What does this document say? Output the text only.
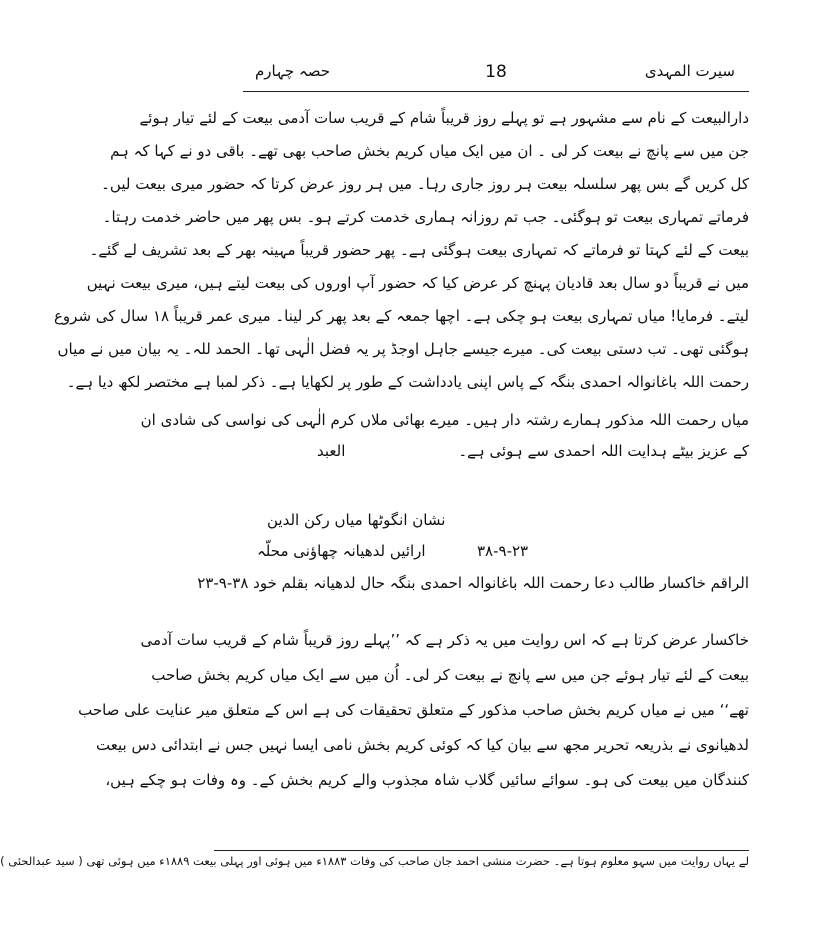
سیرت المہدی
18
حصہ چہارم
دارالبیعت کے نام سے مشہور ہے تو پہلے روز قریباً شام کے قریب سات آدمی بیعت کے لئے تیار ہوئے
جن میں سے پانچ نے بیعت کر لی ۔ ان میں ایک میاں کریم بخش صاحب بھی تھے۔ باقی دو نے کہا کہ ہم
کل کریں گے بس پھر سلسلہ بیعت ہر روز جاری رہا۔ میں ہر روز عرض کرتا کہ حضور میری بیعت لیں۔
فرماتے تمہاری بیعت تو ہوگئی۔ جب تم روزانہ ہماری خدمت کرتے ہو۔ بس پھر میں حاضر خدمت رہتا۔
بیعت کے لئے کہتا تو فرماتے کہ تمہاری بیعت ہوگئی ہے۔ پھر حضور قریباً مہینہ بھر کے بعد تشریف لے گئے۔
میں نے قریباً دو سال بعد قادیان پہنچ کر عرض کیا کہ حضور آپ اوروں کی بیعت لیتے ہیں، میری بیعت نہیں
لیتے۔ فرمایا! میاں تمہاری بیعت ہو چکی ہے۔ اچھا جمعہ کے بعد پھر کر لینا۔ میری عمر قریباً ۱۸ سال کی شروع
ہوگئی تھی۔ تب دستی بیعت کی۔ میرے جیسے جاہل اوجڈ پر یہ فضل الٰہی تھا۔ الحمد للہ۔ یہ بیان میں نے میاں
رحمت اللہ باغانوالہ احمدی بنگہ کے پاس اپنی یادداشت کے طور پر لکھایا ہے۔ ذکر لمبا ہے مختصر لکھ دیا ہے۔
میاں رحمت اللہ مذکور ہمارے رشتہ دار ہیں۔ میرے بھائی ملاں کرم الٰہی کی نواسی کی شادی ان
کے عزیز بیٹے ہدایت اللہ احمدی سے ہوئی ہے۔
العبد
نشان انگوٹھا میاں رکن الدین
ارائیں لدھیانہ چھاؤنی محلّہ	۳۸-۹-۲۳
الراقم خاکسار طالب دعا رحمت اللہ باغانوالہ احمدی بنگہ حال لدھیانہ بقلم خود ۳۸-۹-۲۳
خاکسار عرض کرتا ہے کہ اس روایت میں یہ ذکر ہے کہ ’’پہلے روز قریباً شام کے قریب سات آدمی
بیعت کے لئے تیار ہوئے جن میں سے پانچ نے بیعت کر لی۔ اُن میں سے ایک میاں کریم بخش صاحب
تھے‘‘ میں نے میاں کریم بخش صاحب مذکور کے متعلق تحقیقات کی ہے اس کے متعلق میر عنایت علی صاحب
لدھیانوی نے بذریعہ تحریر مجھ سے بیان کیا کہ کوئی کریم بخش نامی ایسا نہیں جس نے ابتدائی دس بیعت
کنندگان میں بیعت کی ہو۔ سوائے سائیں گلاب شاہ مجذوب والے کریم بخش کے۔ وہ وفات ہو چکے ہیں،
لے یہاں روایت میں سہو معلوم ہوتا ہے۔ حضرت منشی احمد جان صاحب کی وفات ۱۸۸۳ء میں ہوئی اور پہلی بیعت ۱۸۸۹ء میں ہوئی تھی ( سید عبدالحئی )
